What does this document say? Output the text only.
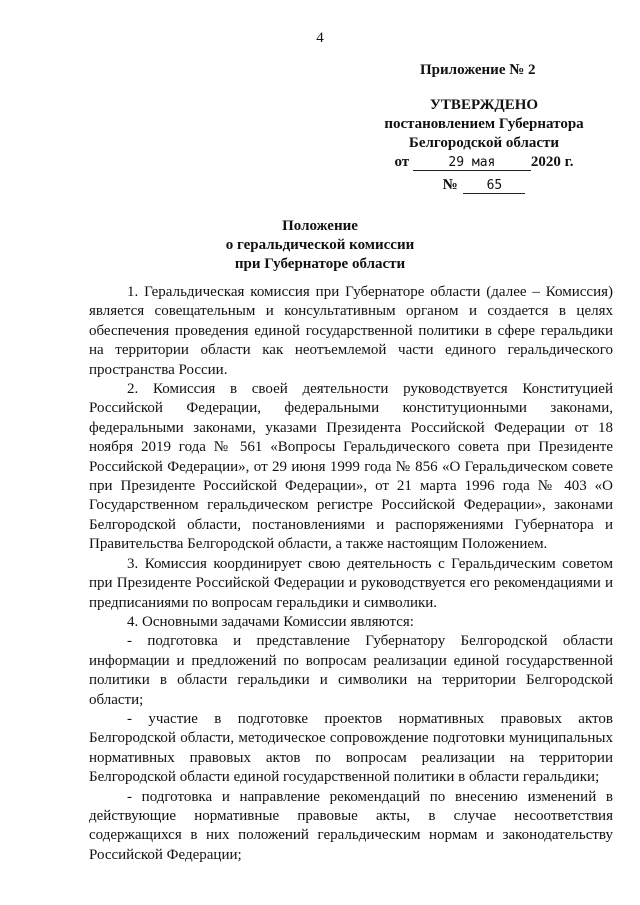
4
Приложение № 2
УТВЕРЖДЕНО
постановлением Губернатора
Белгородской области
от	29 мая 2020 г.
№ 65
Положение
о геральдической комиссии
при Губернаторе области

1. Геральдическая комиссия при Губернаторе области (далее – Комиссия) является совещательным и консультативным органом и создается в целях обеспечения проведения единой государственной политики в сфере геральдики на территории области как неотъемлемой части единого геральдического пространства России.

2. Комиссия в своей деятельности руководствуется Конституцией Российской Федерации, федеральными конституционными законами, федеральными законами, указами Президента Российской Федерации от 18 ноября 2019 года № 561 «Вопросы Геральдического совета при Президенте Российской Федерации», от 29 июня 1999 года № 856 «О Геральдическом совете при Президенте Российской Федерации», от 21 марта 1996 года № 403 «О Государственном геральдическом регистре Российской Федерации», законами Белгородской области, постановлениями и распоряжениями Губернатора и Правительства Белгородской области, а также настоящим Положением.

3. Комиссия координирует свою деятельность с Геральдическим советом при Президенте Российской Федерации и руководствуется его рекомендациями и предписаниями по вопросам геральдики и символики.

4. Основными задачами Комиссии являются:

- подготовка и представление Губернатору Белгородской области информации и предложений по вопросам реализации единой государственной политики в области геральдики и символики на территории Белгородской области;

- участие в подготовке проектов нормативных правовых актов Белгородской области, методическое сопровождение подготовки муниципальных нормативных правовых актов по вопросам реализации на территории Белгородской области единой государственной политики в области геральдики;

- подготовка и направление рекомендаций по внесению изменений в действующие нормативные правовые акты, в случае несоответствия содержащихся в них положений геральдическим нормам и законодательству Российской Федерации;
